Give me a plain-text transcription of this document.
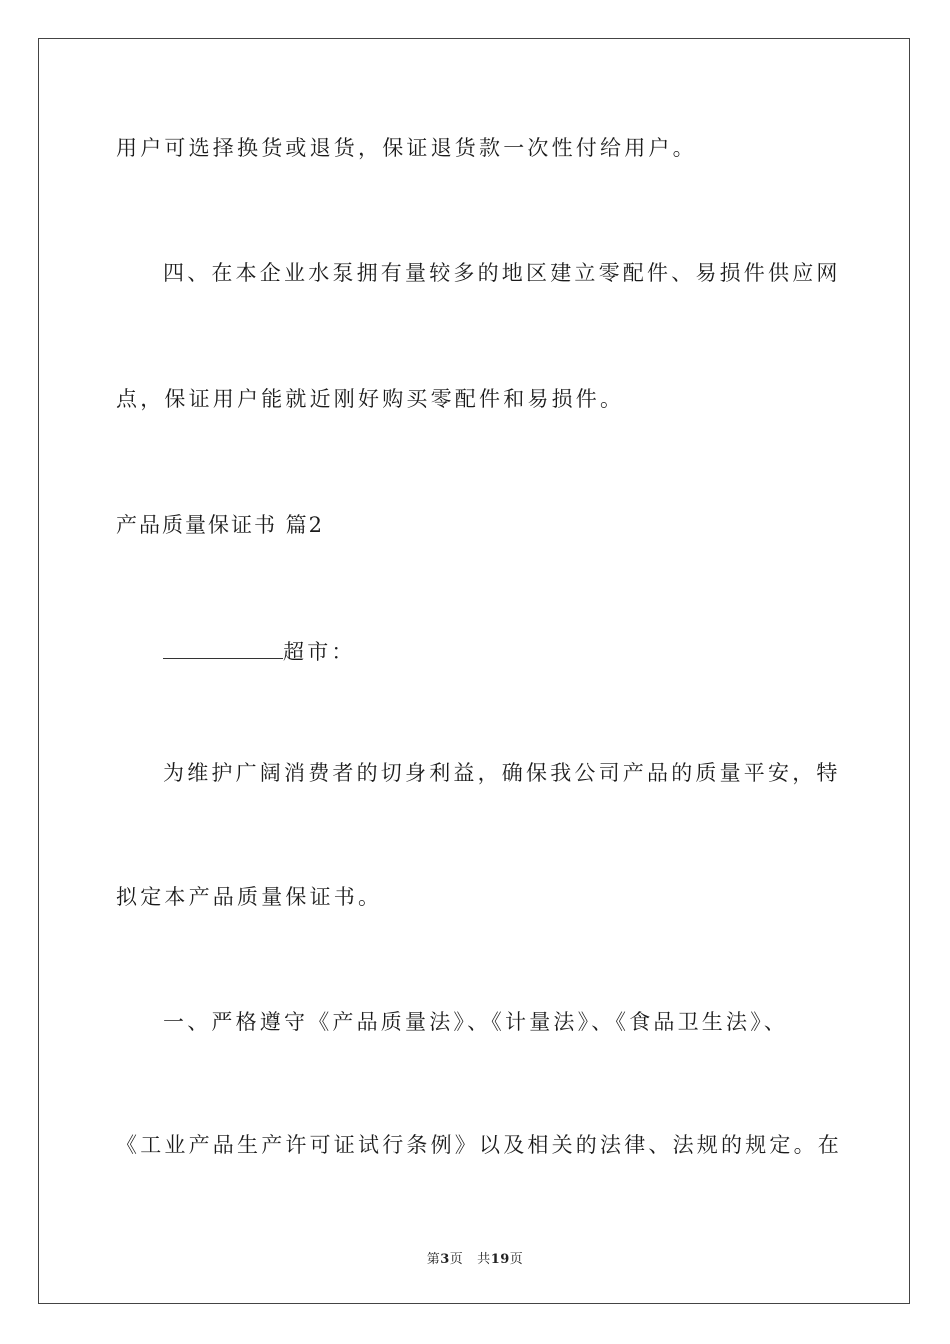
用户可选择换货或退货，保证退货款一次性付给用户。
四、在本企业水泵拥有量较多的地区建立零配件、易损件供应网
点，保证用户能就近刚好购买零配件和易损件。
产品质量保证书 篇2
超市：
为维护广阔消费者的切身利益，确保我公司产品的质量平安，特
拟定本产品质量保证书。
一、严格遵守《产品质量法》、《计量法》、《食品卫生法》、
《工业产品生产许可证试行条例》以及相关的法律、法规的规定。在
第3页 共19页
